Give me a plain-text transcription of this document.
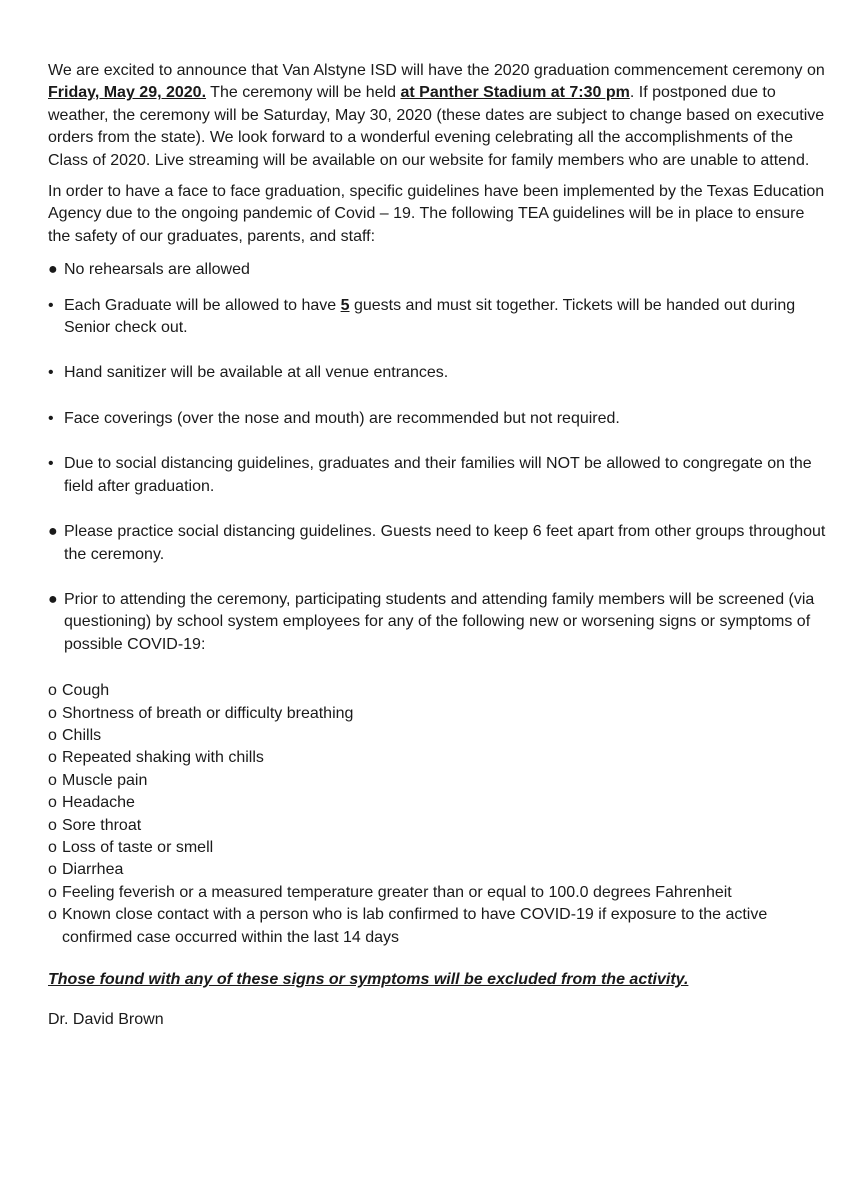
We are excited to announce that Van Alstyne ISD will have the 2020 graduation commencement ceremony on Friday, May 29, 2020. The ceremony will be held at Panther Stadium at 7:30 pm. If postponed due to weather, the ceremony will be Saturday, May 30, 2020 (these dates are subject to change based on executive orders from the state). We look forward to a wonderful evening celebrating all the accomplishments of the Class of 2020. Live streaming will be available on our website for family members who are unable to attend.

In order to have a face to face graduation, specific guidelines have been implemented by the Texas Education Agency due to the ongoing pandemic of Covid – 19. The following TEA guidelines will be in place to ensure the safety of our graduates, parents, and staff:

● No rehearsals are allowed
• Each Graduate will be allowed to have 5 guests and must sit together. Tickets will be handed out during Senior check out.
• Hand sanitizer will be available at all venue entrances.
• Face coverings (over the nose and mouth) are recommended but not required.
• Due to social distancing guidelines, graduates and their families will NOT be allowed to congregate on the field after graduation.
● Please practice social distancing guidelines. Guests need to keep 6 feet apart from other groups throughout the ceremony.
● Prior to attending the ceremony, participating students and attending family members will be screened (via questioning) by school system employees for any of the following new or worsening signs or symptoms of possible COVID-19:
o Cough
o Shortness of breath or difficulty breathing
o Chills
o Repeated shaking with chills
o Muscle pain
o Headache
o Sore throat
o Loss of taste or smell
o Diarrhea
o Feeling feverish or a measured temperature greater than or equal to 100.0 degrees Fahrenheit
o Known close contact with a person who is lab confirmed to have COVID-19 if exposure to the active confirmed case occurred within the last 14 days

Those found with any of these signs or symptoms will be excluded from the activity.

Dr. David Brown
